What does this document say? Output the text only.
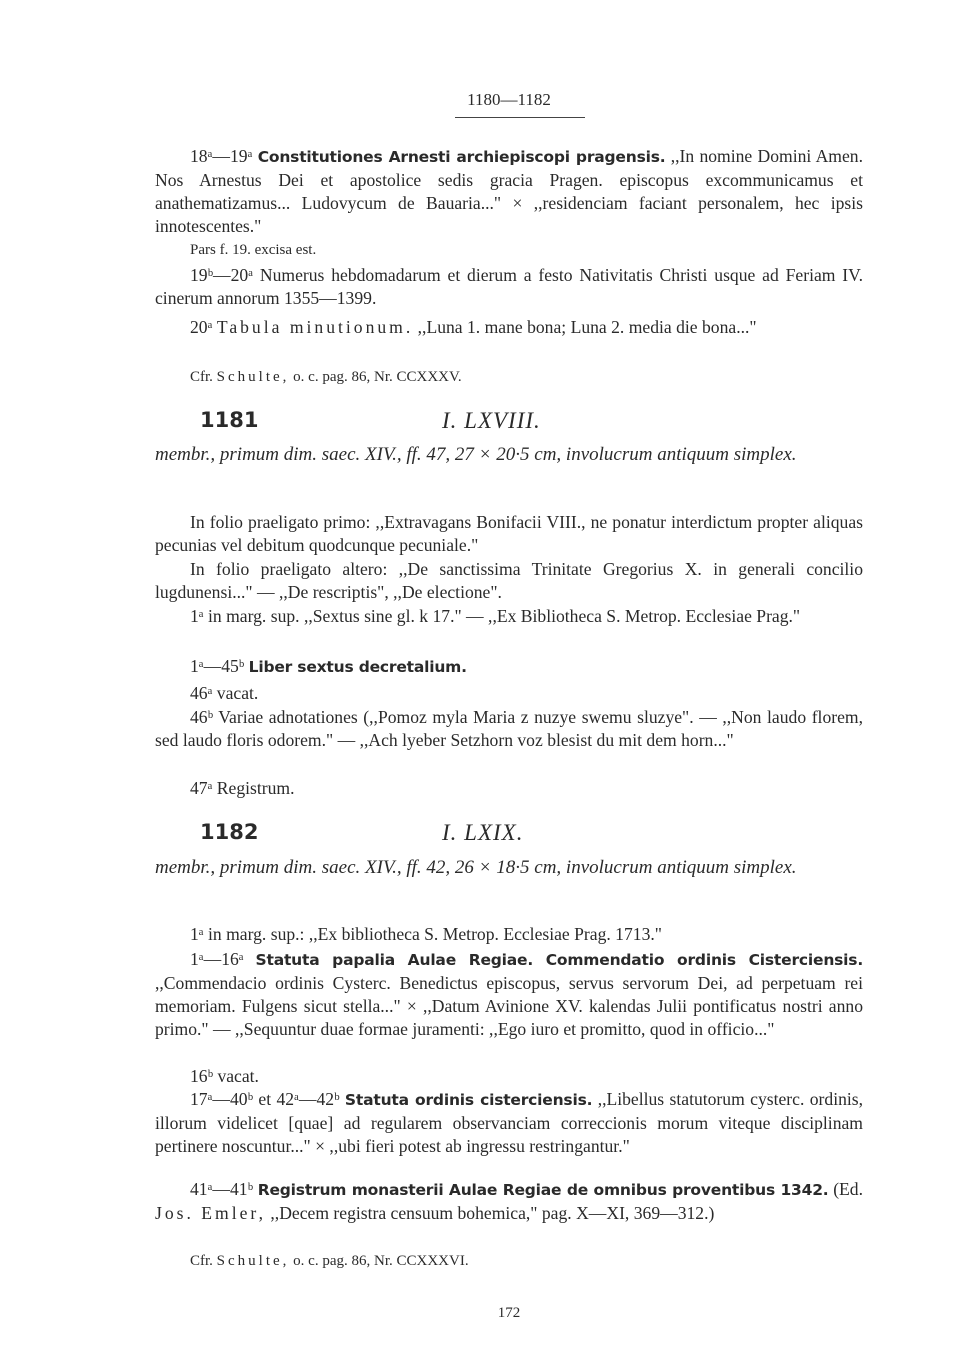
1180—1182

18ᵃ—19ᵃ Constitutiones Arnesti archiepiscopi pragensis. ,,In nomine Domini Amen. Nos Arnestus Dei et apostolice sedis gracia Pragen. episcopus excommunicamus et anathematizamus... Ludovycum de Bauaria..." × ,,residenciam faciant personalem, hec ipsis innotescentes."

Pars f. 19. excisa est.

19ᵇ—20ᵃ Numerus hebdomadarum et dierum a festo Nativitatis Christi usque ad Feriam IV. cinerum annorum 1355—1399.

20ᵃ Tabula minutionum. ,,Luna 1. mane bona; Luna 2. media die bona..."

Cfr. Schulte, o. c. pag. 86, Nr. CCXXXV.

1181	I. LXVIII.

membr., primum dim. saec. XIV., ff. 47, 27 × 20·5 cm, involucrum antiquum simplex.

In folio praeligato primo: ,,Extravagans Bonifacii VIII., ne ponatur interdictum propter aliquas pecunias vel debitum quodcunque pecuniale."

In folio praeligato altero: ,,De sanctissima Trinitate Gregorius X. in generali concilio lugdunensi..." — ,,De rescriptis", ,,De electione".

1ᵃ in marg. sup. ,,Sextus sine gl. k 17." — ,,Ex Bibliotheca S. Metrop. Ecclesiae Prag."

1ᵃ—45ᵇ Liber sextus decretalium.

46ᵃ vacat.

46ᵇ Variae adnotationes (,,Pomoz myla Maria z nuzye swemu sluzye". — ,,Non laudo florem, sed laudo floris odorem." — ,,Ach lyeber Setzhorn voz blesist du mit dem horn..."

47ᵃ Registrum.

1182	I. LXIX.

membr., primum dim. saec. XIV., ff. 42, 26 × 18·5 cm, involucrum antiquum simplex.

1ᵃ in marg. sup.: ,,Ex bibliotheca S. Metrop. Ecclesiae Prag. 1713."

1ᵃ—16ᵃ Statuta papalia Aulae Regiae. Commendatio ordinis Cisterciensis. ,,Commendacio ordinis Cysterc. Benedictus episcopus, servus servorum Dei, ad perpetuam rei memoriam. Fulgens sicut stella..." × ,,Datum Avinione XV. kalendas Julii pontificatus nostri anno primo." — ,,Sequuntur duae formae juramenti: ,,Ego iuro et promitto, quod in officio..."

16ᵇ vacat.

17ᵃ—40ᵇ et 42ᵃ—42ᵇ Statuta ordinis cisterciensis. ,,Libellus statutorum cysterc. ordinis, illorum videlicet [quae] ad regularem observanciam correccionis morum viteque disciplinam pertinere noscuntur..." × ,,ubi fieri potest ab ingressu restringantur."

41ᵃ—41ᵇ Registrum monasterii Aulae Regiae de omnibus proventibus 1342. (Ed. Jos. Emler, ,,Decem registra censuum bohemica," pag. X—XI, 369—312.)

Cfr. Schulte, o. c. pag. 86, Nr. CCXXXVI.

172
